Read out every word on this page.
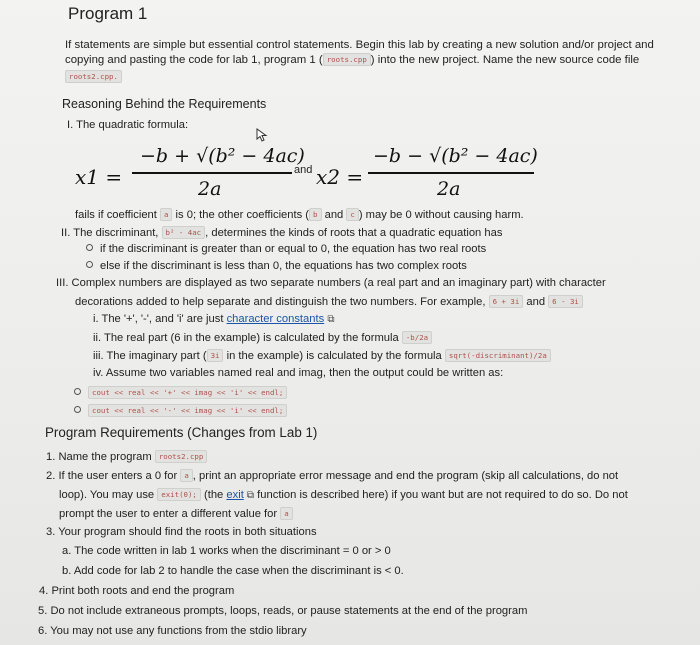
Program 1
If statements are simple but essential control statements. Begin this lab by creating a new solution and/or project and
copying and pasting the code for lab 1, program 1 ( roots.cpp ) into the new project. Name the new source code file
roots2.cpp.
Reasoning Behind the Requirements
I. The quadratic formula:
x1 =
−b + √(b² − 4ac)
2a
and x2 =
−b − √(b² − 4ac)
2a
fails if coefficient a is 0; the other coefficients ( b and c ) may be 0 without causing harm.
II. The discriminant, b² - 4ac , determines the kinds of roots that a quadratic equation has
if the discriminant is greater than or equal to 0, the equation has two real roots
else if the discriminant is less than 0, the equations has two complex roots
III. Complex numbers are displayed as two separate numbers (a real part and an imaginary part) with character
decorations added to help separate and distinguish the two numbers. For example, 6 + 3i and 6 - 3i
i. The '+', '-', and 'i' are just character constants ⧉
ii. The real part (6 in the example) is calculated by the formula -b/2a
iii. The imaginary part ( 3i in the example) is calculated by the formula sqrt(-discriminant)/2a
iv. Assume two variables named real and imag, then the output could be written as:
cout << real << '+' << imag << 'i' << endl;
cout << real << '-' << imag << 'i' << endl;
Program Requirements (Changes from Lab 1)
1. Name the program roots2.cpp
2. If the user enters a 0 for a , print an appropriate error message and end the program (skip all calculations, do not
loop). You may use exit(0); (the exit ⧉ function is described here) if you want but are not required to do so. Do not
prompt the user to enter a different value for a
3. Your program should find the roots in both situations
a. The code written in lab 1 works when the discriminant = 0 or > 0
b. Add code for lab 2 to handle the case when the discriminant is < 0.
4. Print both roots and end the program
5. Do not include extraneous prompts, loops, reads, or pause statements at the end of the program
6. You may not use any functions from the stdio library
